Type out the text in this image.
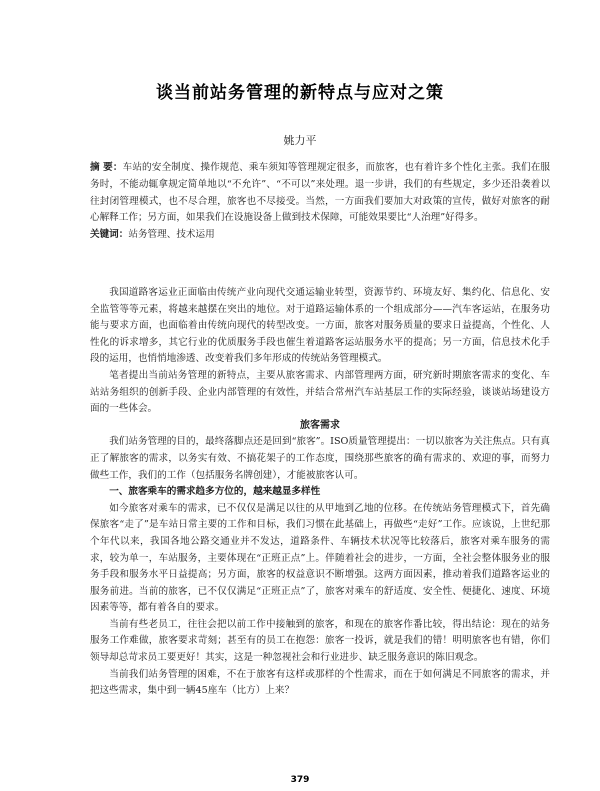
谈当前站务管理的新特点与应对之策
姚力平
摘 要：车站的安全制度、操作规范、乘车须知等管理规定很多，而旅客，也有着许多个性化主张。我们在服务时，不能动辄拿规定简单地以“不允许”、“不可以”来处理。退一步讲，我们的有些规定，多少还沿袭着以往封闭管理模式，也不尽合理，旅客也不尽接受。当然，一方面我们要加大对政策的宣传，做好对旅客的耐心解释工作；另方面，如果我们在设施设备上做到技术保障，可能效果要比“人治理”好得多。
关键词：站务管理、技术运用

我国道路客运业正面临由传统产业向现代交通运输业转型，资源节约、环境友好、集约化、信息化、安全监管等等元素，将越来越摆在突出的地位。对于道路运输体系的一个组成部分——汽车客运站，在服务功能与要求方面，也面临着由传统向现代的转型改变。一方面，旅客对服务质量的要求日益提高，个性化、人性化的诉求增多，其它行业的优质服务手段也催生着道路客运站服务水平的提高；另一方面，信息技术化手段的运用，也悄悄地渗透、改变着我们多年形成的传统站务管理模式。

笔者提出当前站务管理的新特点，主要从旅客需求、内部管理两方面，研究新时期旅客需求的变化、车站站务组织的创新手段、企业内部管理的有效性，并结合常州汽车站基层工作的实际经验，谈谈站场建设方面的一些体会。

旅客需求

我们站务管理的目的，最终落脚点还是回到“旅客”。ISO质量管理提出：一切以旅客为关注焦点。只有真正了解旅客的需求，以务实有效、不搞花架子的工作态度，围绕那些旅客的确有需求的、欢迎的事，而努力做些工作，我们的工作（包括服务名牌创建），才能被旅客认可。

一、旅客乘车的需求趋多方位的，越来越显多样性

如今旅客对乘车的需求，已不仅仅是满足以往的从甲地到乙地的位移。在传统站务管理模式下，首先确保旅客“走了”是车站日常主要的工作和目标，我们习惯在此基础上，再做些“走好”工作。应该说，上世纪那个年代以来，我国各地公路交通业并不发达，道路条件、车辆技术状况等比较落后，旅客对乘车服务的需求，较为单一，车站服务，主要体现在“正班正点”上。伴随着社会的进步，一方面，全社会整体服务业的服务手段和服务水平日益提高；另方面，旅客的权益意识不断增强。这两方面因素，推动着我们道路客运业的服务前进。当前的旅客，已不仅仅满足“正班正点”了，旅客对乘车的舒适度、安全性、便捷化、速度、环境因素等等，都有着各自的要求。

当前有些老员工，往往会把以前工作中接触到的旅客，和现在的旅客作番比较，得出结论：现在的站务服务工作难做，旅客要求苛刻；甚至有的员工在抱怨：旅客一投诉，就是我们的错！明明旅客也有错，你们领导却总苛求员工要更好！其实，这是一种忽视社会和行业进步、缺乏服务意识的陈旧观念。

当前我们站务管理的困难，不在于旅客有这样或那样的个性需求，而在于如何满足不同旅客的需求，并把这些需求，集中到一辆45座车（比方）上来？

379
